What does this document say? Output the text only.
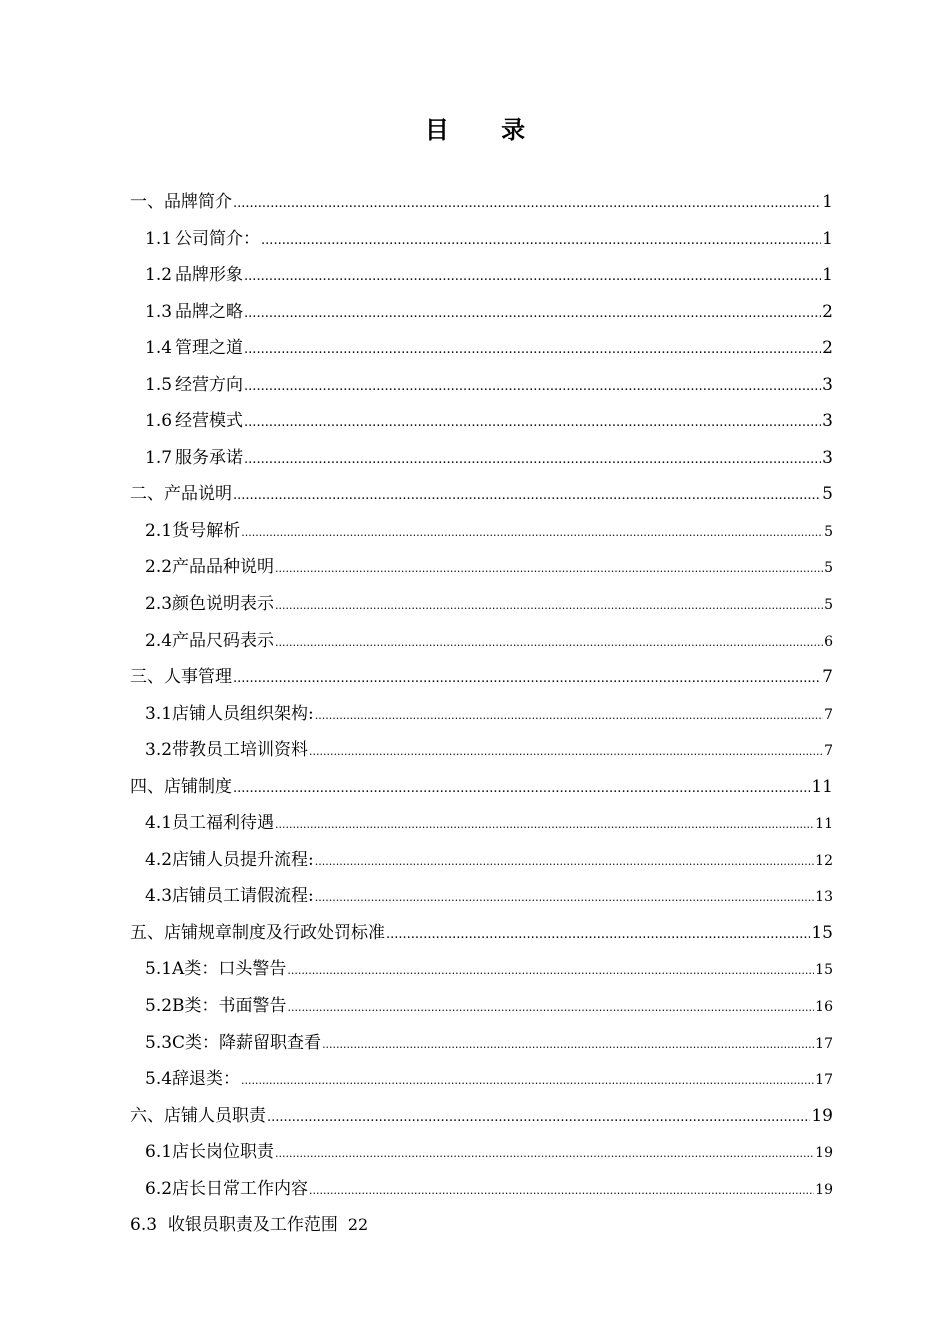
目 录
一、 品牌简介 .....	1
1.1 公司简介： .....	1
1.2 品牌形象 .....	1
1.3 品牌之略 .....	2
1.4 管理之道 .....	2
1.5 经营方向 .....	3
1.6 经营模式 .....	3
1.7 服务承诺 .....	3
二、 产品说明 .....	5
2.1 货号解析 .....	5
2.2 产品品种说明 .....	5
2.3 颜色说明表示 .....	5
2.4 产品尺码表示 .....	6
三、 人事管理 .....	7
3.1 店铺人员组织架构: .....	7
3.2 带教员工培训资料 .....	7
四、 店铺制度 .....	11
4.1 员工福利待遇 .....	11
4.2 店铺人员提升流程: .....	12
4.3 店铺员工请假流程: .....	13
五、 店铺规章制度及行政处罚标准 .....	15
5.1 A类：口头警告 .....	15
5.2 B类：书面警告 .....	16
5.3 C类：降薪留职查看 .....	17
5.4 辞退类： .....	17
六、 店铺人员职责 .....	19
6.1 店长岗位职责 .....	19
6.2 店长日常工作内容 .....	19
6.3 收银员职责及工作范围 22
